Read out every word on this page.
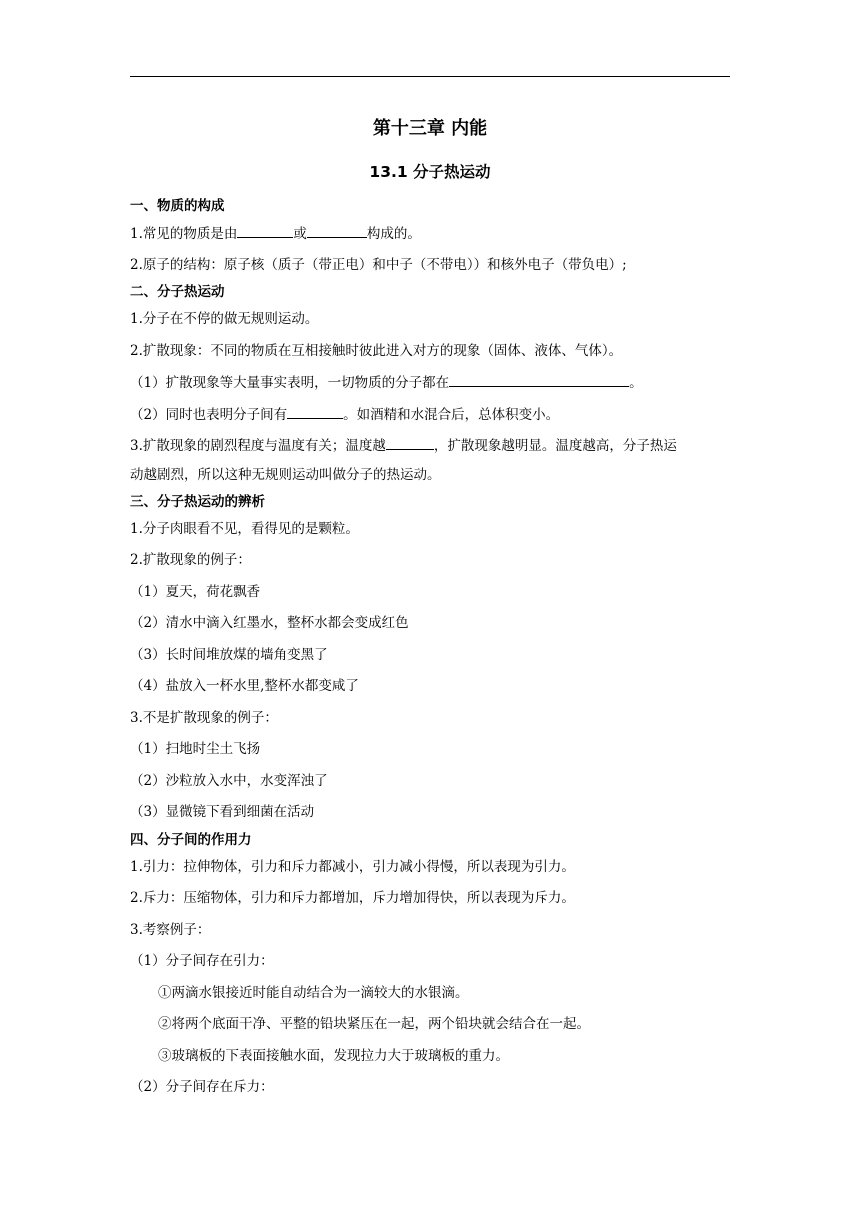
第十三章 内能
13.1 分子热运动
一、物质的构成
1.常见的物质是由	或	构成的。
2.原子的结构：原子核（质子（带正电）和中子（不带电））和核外电子（带负电）;
二、分子热运动
1.分子在不停的做无规则运动。
2.扩散现象：不同的物质在互相接触时彼此进入对方的现象（固体、液体、气体）。
（1）扩散现象等大量事实表明，一切物质的分子都在	。
（2）同时也表明分子间有	。如酒精和水混合后，总体积变小。
3.扩散现象的剧烈程度与温度有关；温度越	，扩散现象越明显。温度越高，分子热运
动越剧烈，所以这种无规则运动叫做分子的热运动。
三、分子热运动的辨析
1.分子肉眼看不见，看得见的是颗粒。
2.扩散现象的例子：
（1）夏天，荷花飘香
（2）清水中滴入红墨水，整杯水都会变成红色
（3）长时间堆放煤的墙角变黑了
（4）盐放入一杯水里,整杯水都变咸了
3.不是扩散现象的例子：
（1）扫地时尘土飞扬
（2）沙粒放入水中，水变浑浊了
（3）显微镜下看到细菌在活动
四、分子间的作用力
1.引力：拉伸物体，引力和斥力都减小，引力减小得慢，所以表现为引力。
2.斥力：压缩物体，引力和斥力都增加，斥力增加得快，所以表现为斥力。
3.考察例子：
（1）分子间存在引力：
①两滴水银接近时能自动结合为一滴较大的水银滴。
②将两个底面干净、平整的铅块紧压在一起，两个铅块就会结合在一起。
③玻璃板的下表面接触水面，发现拉力大于玻璃板的重力。
（2）分子间存在斥力：
